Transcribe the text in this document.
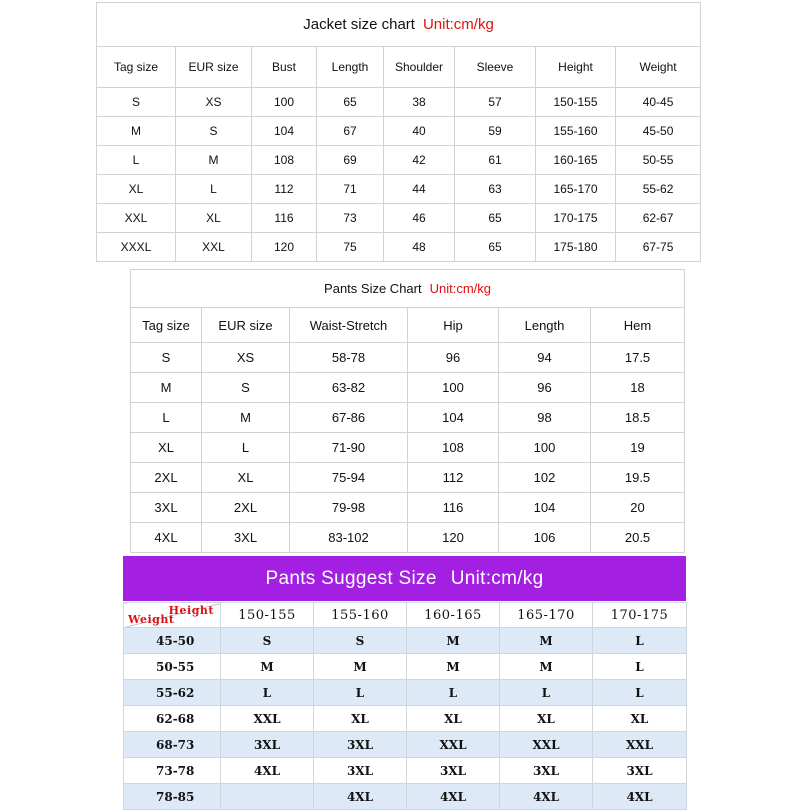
Jacket size chart Unit:cm/kg							
Tag size	EUR size	Bust	Length	Shoulder	Sleeve	Height	Weight
S	XS	100	65	38	57	150-155	40-45
M	S	104	67	40	59	155-160	45-50
L	M	108	69	42	61	160-165	50-55
XL	L	112	71	44	63	165-170	55-62
XXL	XL	116	73	46	65	170-175	62-67
XXXL	XXL	120	75	48	65	175-180	67-75
Pants Size Chart Unit:cm/kg					
Tag size	EUR size	Waist-Stretch	Hip	Length	Hem
S	XS	58-78	96	94	17.5
M	S	63-82	100	96	18
L	M	67-86	104	98	18.5
XL	L	71-90	108	100	19
2XL	XL	75-94	112	102	19.5
3XL	2XL	79-98	116	104	20
4XL	3XL	83-102	120	106	20.5
Pants Suggest Size Unit:cm/kg
Height
Weight	150-155	155-160	160-165	165-170	170-175
45-50	S	S	M	M	L
50-55	M	M	M	M	L
55-62	L	L	L	L	L
62-68	XXL	XL	XL	XL	XL
68-73	3XL	3XL	XXL	XXL	XXL
73-78	4XL	3XL	3XL	3XL	3XL
78-85		4XL	4XL	4XL	4XL
